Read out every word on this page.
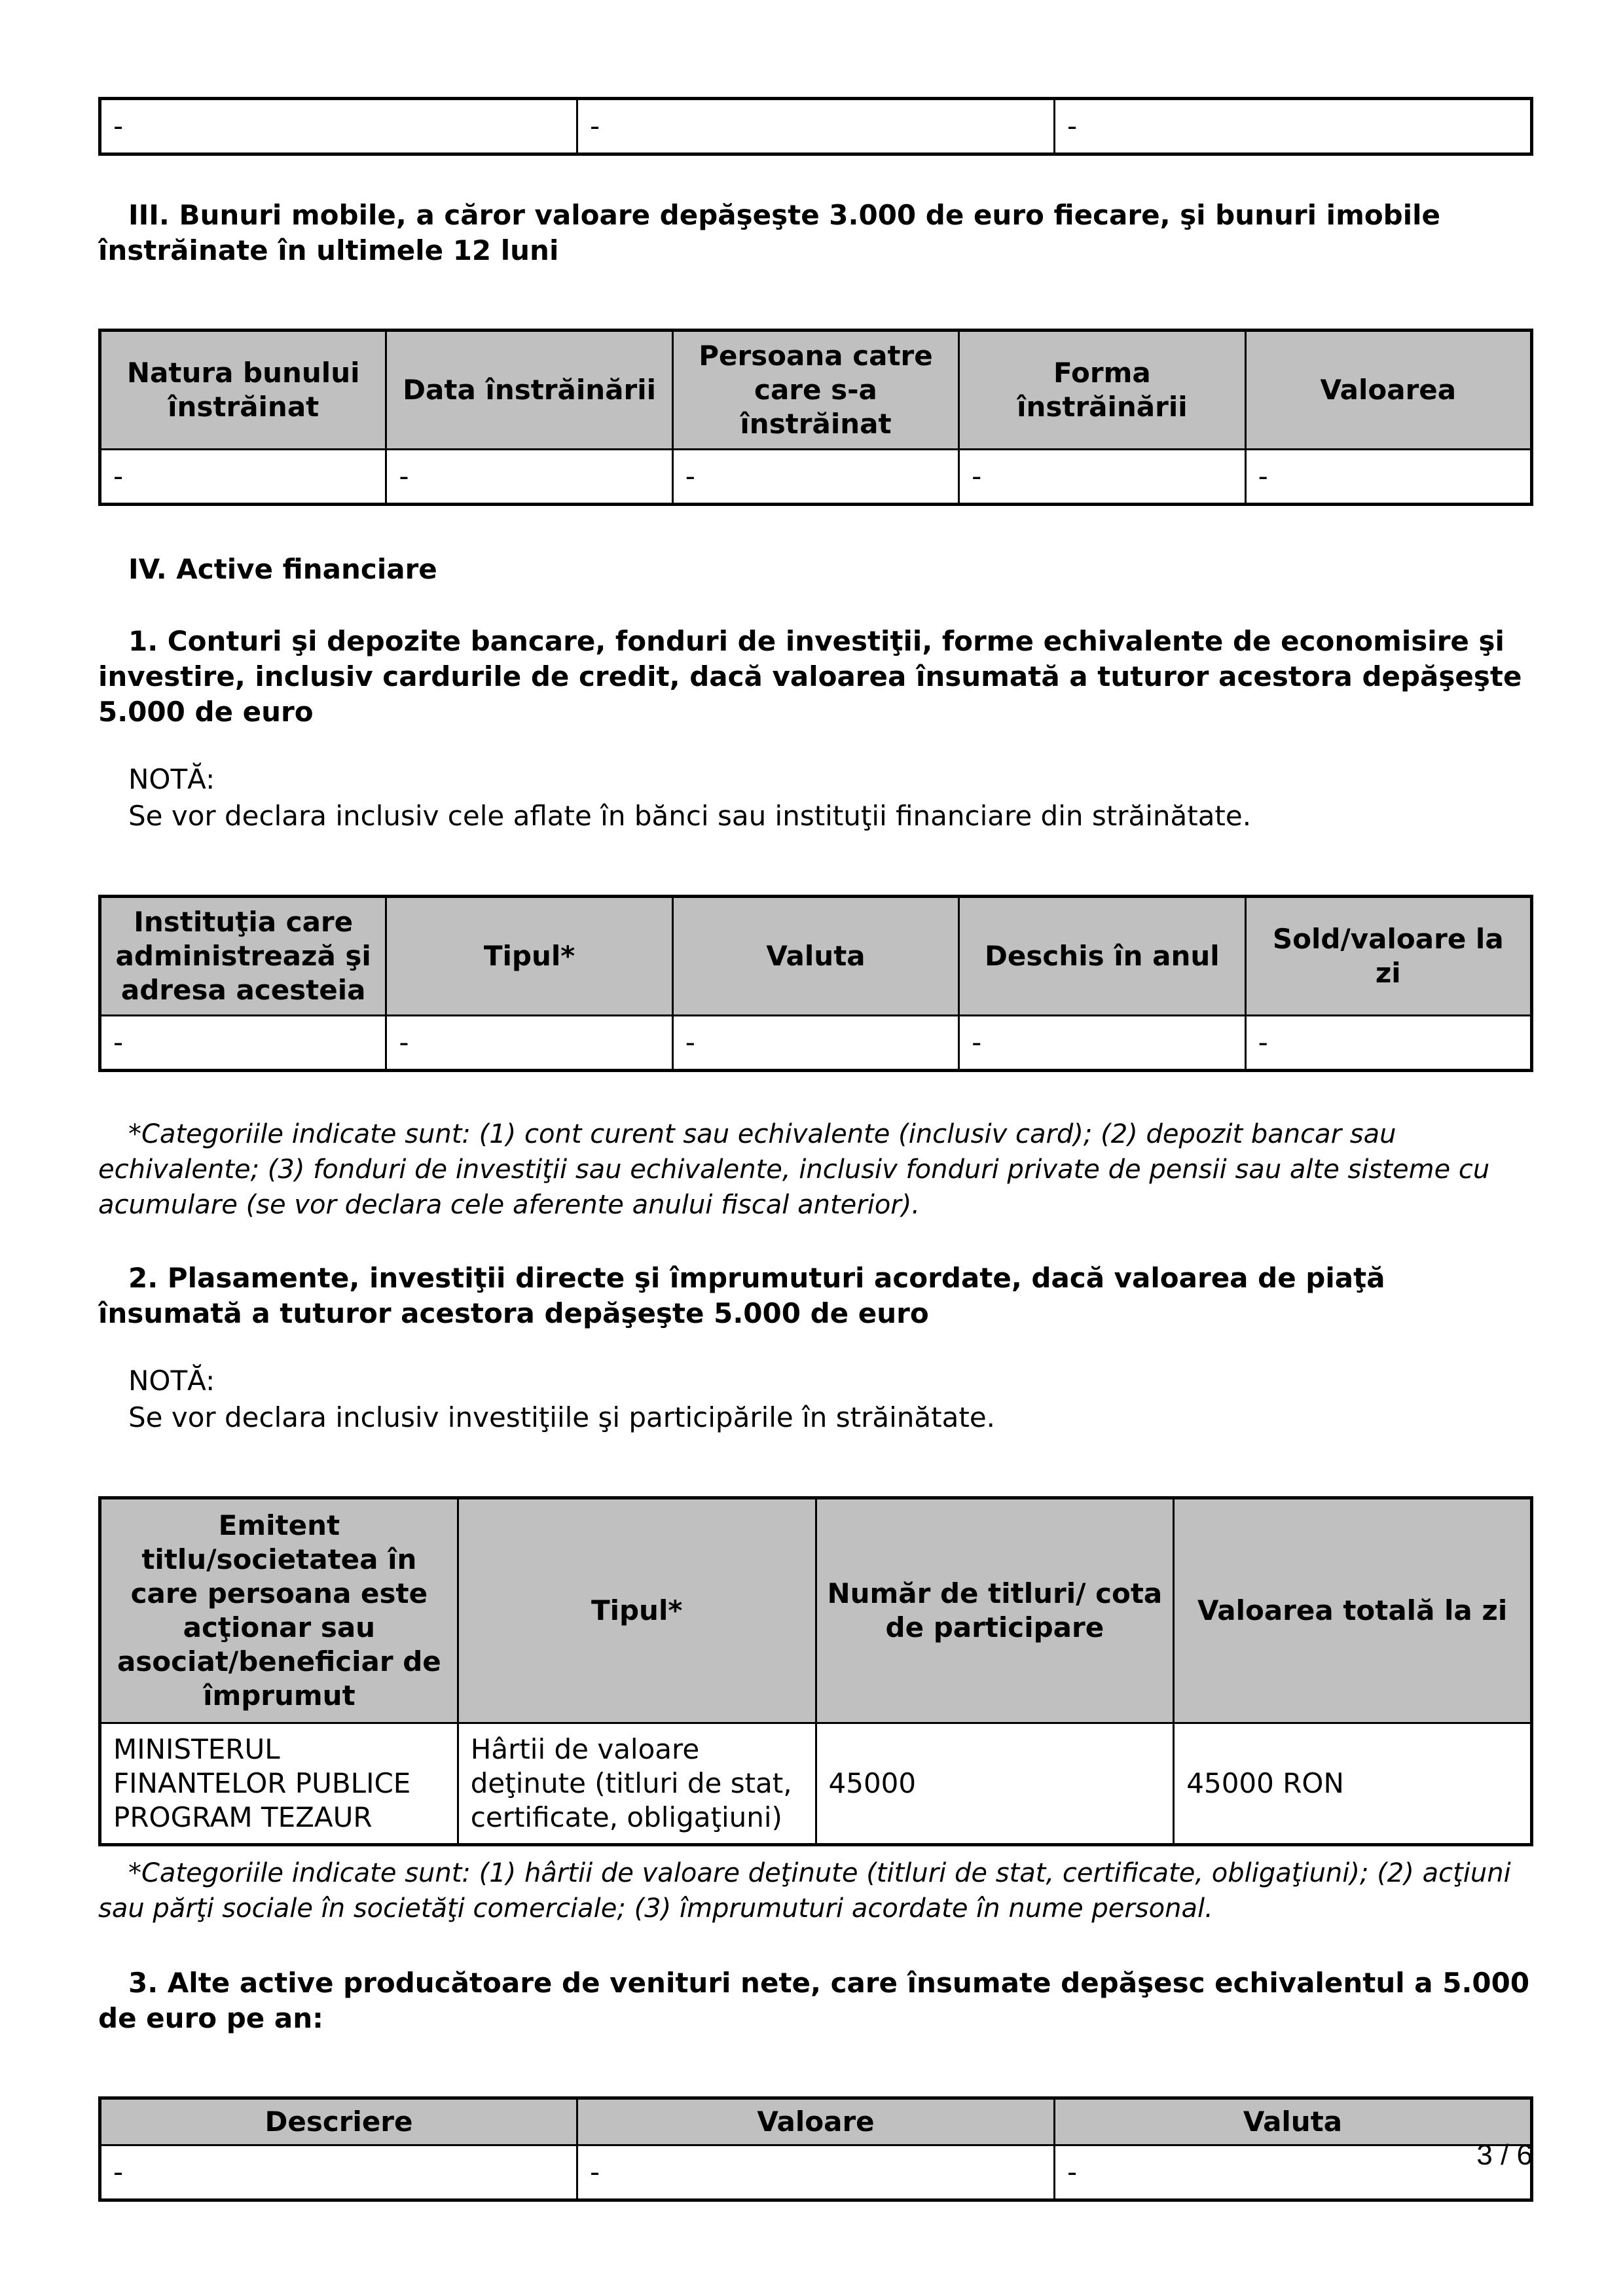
-	-	-

III. Bunuri mobile, a căror valoare depăşeşte 3.000 de euro fiecare, şi bunuri imobile înstrăinate în ultimele 12 luni

Natura bunului înstrăinat	Data înstrăinării	Persoana catre care s-a înstrăinat	Forma înstrăinării	Valoarea
-	-	-	-	-

IV. Active financiare

1. Conturi şi depozite bancare, fonduri de investiţii, forme echivalente de economisire şi investire, inclusiv cardurile de credit, dacă valoarea însumată a tuturor acestora depăşeşte 5.000 de euro

NOTĂ:

Se vor declara inclusiv cele aflate în bănci sau instituţii financiare din străinătate.

Instituţia care administrează şi adresa acesteia	Tipul*	Valuta	Deschis în anul	Sold/valoare la zi
-	-	-	-	-

*Categoriile indicate sunt: (1) cont curent sau echivalente (inclusiv card); (2) depozit bancar sau echivalente; (3) fonduri de investiţii sau echivalente, inclusiv fonduri private de pensii sau alte sisteme cu acumulare (se vor declara cele aferente anului fiscal anterior).

2. Plasamente, investiţii directe şi împrumuturi acordate, dacă valoarea de piaţă însumată a tuturor acestora depăşeşte 5.000 de euro

NOTĂ:

Se vor declara inclusiv investiţiile şi participările în străinătate.

Emitent titlu/societatea în care persoana este acţionar sau asociat/beneficiar de împrumut	Tipul*	Număr de titluri/ cota de participare	Valoarea totală la zi
MINISTERUL FINANTELOR PUBLICE PROGRAM TEZAUR	Hârtii de valoare deţinute (titluri de stat, certificate, obligaţiuni)	45000	45000 RON

*Categoriile indicate sunt: (1) hârtii de valoare deţinute (titluri de stat, certificate, obligaţiuni); (2) acţiuni sau părţi sociale în societăţi comerciale; (3) împrumuturi acordate în nume personal.

3. Alte active producătoare de venituri nete, care însumate depăşesc echivalentul a 5.000 de euro pe an:

Descriere	Valoare	Valuta
-	-	-
3 / 6
